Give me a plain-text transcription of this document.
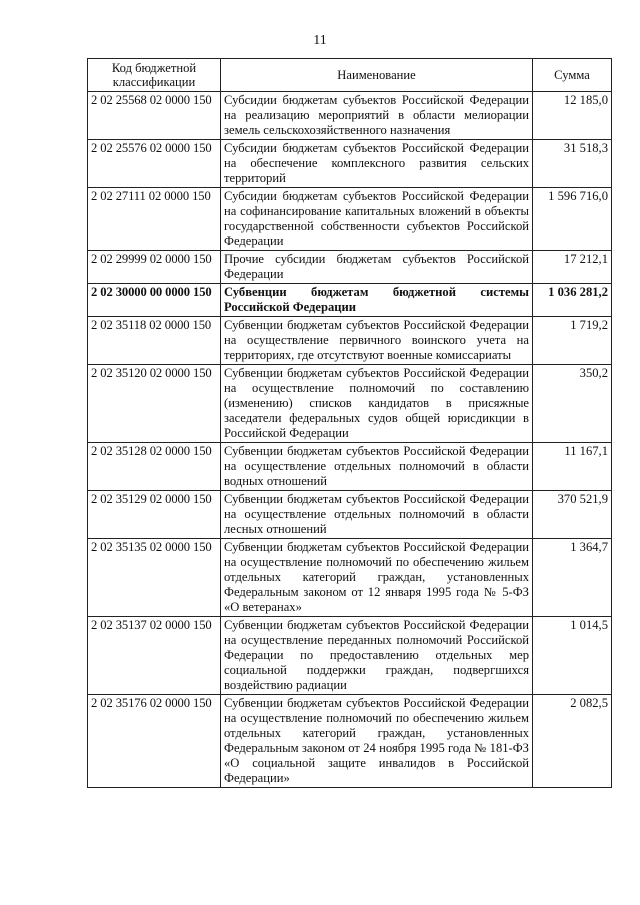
11
Код бюджетной классификации	Наименование	Сумма
2 02 25568 02 0000 150	Субсидии бюджетам субъектов Российской Федерации на реализацию мероприятий в области мелиорации земель сельскохозяйственного назначения	12 185,0
2 02 25576 02 0000 150	Субсидии бюджетам субъектов Российской Федерации на обеспечение комплексного развития сельских территорий	31 518,3
2 02 27111 02 0000 150	Субсидии бюджетам субъектов Российской Федерации на софинансирование капитальных вложений в объекты государственной собственности субъектов Российской Федерации	1 596 716,0
2 02 29999 02 0000 150	Прочие субсидии бюджетам субъектов Российской Федерации	17 212,1
2 02 30000 00 0000 150	Субвенции бюджетам бюджетной системы Российской Федерации	1 036 281,2
2 02 35118 02 0000 150	Субвенции бюджетам субъектов Российской Федерации на осуществление первичного воинского учета на территориях, где отсутствуют военные комиссариаты	1 719,2
2 02 35120 02 0000 150	Субвенции бюджетам субъектов Российской Федерации на осуществление полномочий по составлению (изменению) списков кандидатов в присяжные заседатели федеральных судов общей юрисдикции в Российской Федерации	350,2
2 02 35128 02 0000 150	Субвенции бюджетам субъектов Российской Федерации на осуществление отдельных полномочий в области водных отношений	11 167,1
2 02 35129 02 0000 150	Субвенции бюджетам субъектов Российской Федерации на осуществление отдельных полномочий в области лесных отношений	370 521,9
2 02 35135 02 0000 150	Субвенции бюджетам субъектов Российской Федерации на осуществление полномочий по обеспечению жильем отдельных категорий граждан, установленных Федеральным законом от 12 января 1995 года № 5-ФЗ «О ветеранах»	1 364,7
2 02 35137 02 0000 150	Субвенции бюджетам субъектов Российской Федерации на осуществление переданных полномочий Российской Федерации по предоставлению отдельных мер социальной поддержки граждан, подвергшихся воздействию радиации	1 014,5
2 02 35176 02 0000 150	Субвенции бюджетам субъектов Российской Федерации на осуществление полномочий по обеспечению жильем отдельных категорий граждан, установленных Федеральным законом от 24 ноября 1995 года № 181-ФЗ «О социальной защите инвалидов в Российской Федерации»	2 082,5
